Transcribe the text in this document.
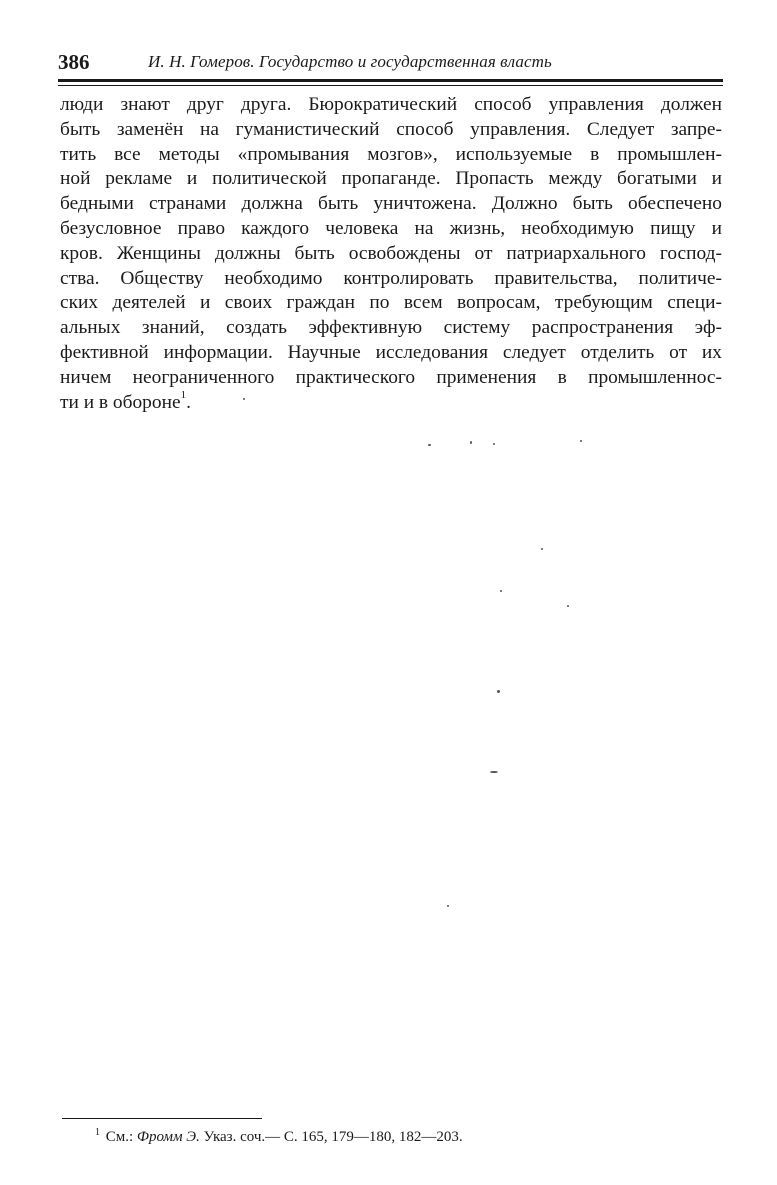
386	И. Н. Гомеров. Государство и государственная власть
люди знают друг друга. Бюрократический способ управления должен
быть заменён на гуманистический способ управления. Следует запре-
тить все методы «промывания мозгов», используемые в промышлен-
ной рекламе и политической пропаганде. Пропасть между богатыми и
бедными странами должна быть уничтожена. Должно быть обеспечено
безусловное право каждого человека на жизнь, необходимую пищу и
кров. Женщины должны быть освобождены от патриархального господ-
ства. Обществу необходимо контролировать правительства, политиче-
ских деятелей и своих граждан по всем вопросам, требующим специ-
альных знаний, создать эффективную систему распространения эф-
фективной информации. Научные исследования следует отделить от их
ничем неограниченного практического применения в промышленнос-
ти и в обороне$^1$.
$^1$ См.: Фромм Э. Указ. соч.— С. 165, 179—180, 182—203.
